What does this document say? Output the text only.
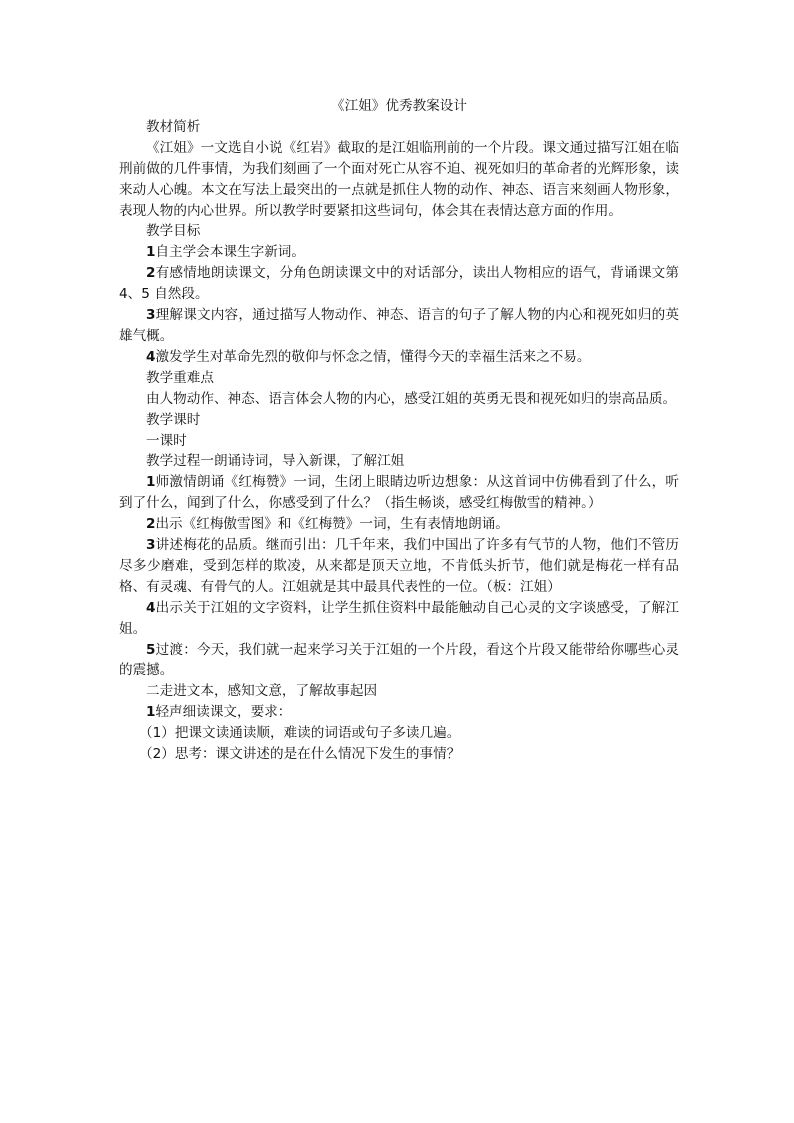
《江姐》优秀教案设计

教材简析

《江姐》一文选自小说《红岩》截取的是江姐临刑前的一个片段。课文通过描写江姐在临刑前做的几件事情，为我们刻画了一个面对死亡从容不迫、视死如归的革命者的光辉形象，读来动人心魄。本文在写法上最突出的一点就是抓住人物的动作、神态、语言来刻画人物形象，表现人物的内心世界。所以教学时要紧扣这些词句，体会其在表情达意方面的作用。

教学目标

1自主学会本课生字新词。

2有感情地朗读课文，分角色朗读课文中的对话部分，读出人物相应的语气，背诵课文第 4、5 自然段。

3理解课文内容，通过描写人物动作、神态、语言的句子了解人物的内心和视死如归的英雄气概。

4激发学生对革命先烈的敬仰与怀念之情，懂得今天的幸福生活来之不易。

教学重难点

由人物动作、神态、语言体会人物的内心，感受江姐的英勇无畏和视死如归的崇高品质。

教学课时

一课时

教学过程一朗诵诗词，导入新课，了解江姐

1师激情朗诵《红梅赞》一词，生闭上眼睛边听边想象：从这首词中仿佛看到了什么，听到了什么，闻到了什么，你感受到了什么？（指生畅谈，感受红梅傲雪的精神。）

2出示《红梅傲雪图》和《红梅赞》一词，生有表情地朗诵。

3讲述梅花的品质。继而引出：几千年来，我们中国出了许多有气节的人物，他们不管历尽多少磨难，受到怎样的欺凌，从来都是顶天立地，不肯低头折节，他们就是梅花一样有品格、有灵魂、有骨气的人。江姐就是其中最具代表性的一位。（板：江姐）

4出示关于江姐的文字资料，让学生抓住资料中最能触动自己心灵的文字谈感受，了解江姐。

5过渡：今天，我们就一起来学习关于江姐的一个片段，看这个片段又能带给你哪些心灵的震撼。

二走进文本，感知文意，了解故事起因

1轻声细读课文，要求：

（1）把课文读通读顺，难读的词语或句子多读几遍。

（2）思考：课文讲述的是在什么情况下发生的事情？
